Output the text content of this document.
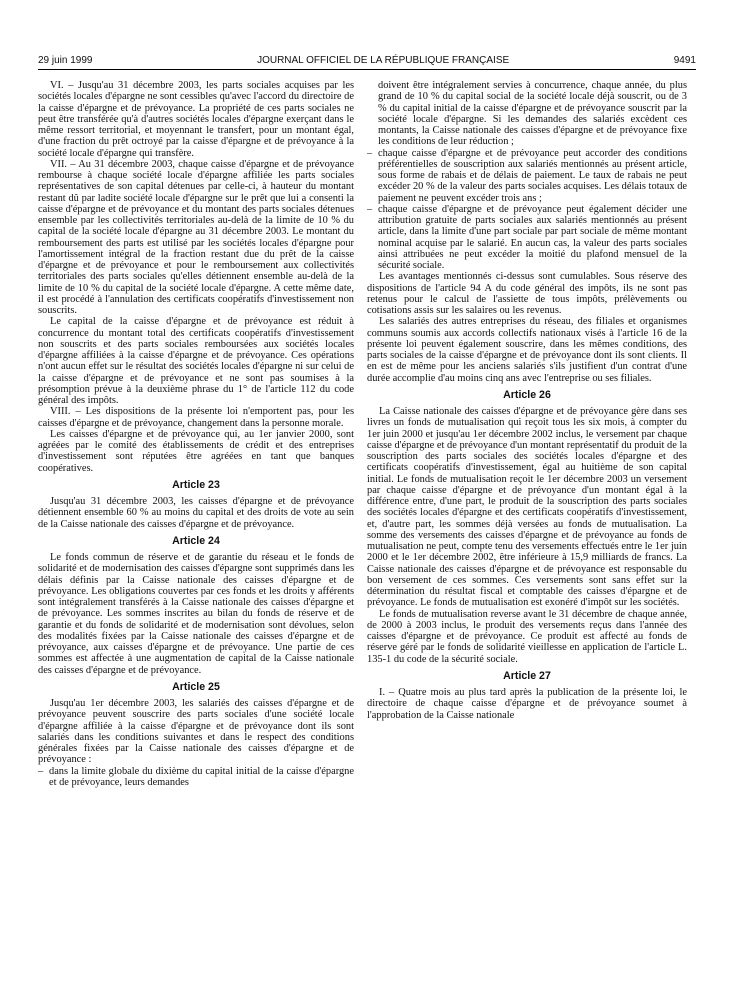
29 juin 1999	JOURNAL OFFICIEL DE LA RÉPUBLIQUE FRANÇAISE	9491

VI. – Jusqu'au 31 décembre 2003, les parts sociales acquises par les sociétés locales d'épargne ne sont cessibles qu'avec l'accord du directoire de la caisse d'épargne et de prévoyance. La propriété de ces parts sociales ne peut être transférée qu'à d'autres sociétés locales d'épargne exerçant dans le même ressort territorial, et moyennant le transfert, pour un montant égal, d'une fraction du prêt octroyé par la caisse d'épargne et de prévoyance à la société locale d'épargne qui transfère.

VII. – Au 31 décembre 2003, chaque caisse d'épargne et de prévoyance rembourse à chaque société locale d'épargne affiliée les parts sociales représentatives de son capital détenues par celle-ci, à hauteur du montant restant dû par ladite société locale d'épargne sur le prêt que lui a consenti la caisse d'épargne et de prévoyance et du montant des parts sociales détenues ensemble par les collectivités territoriales au-delà de la limite de 10 % du capital de la société locale d'épargne au 31 décembre 2003. Le montant du remboursement des parts est utilisé par les sociétés locales d'épargne pour l'amortissement intégral de la fraction restant due du prêt de la caisse d'épargne et de prévoyance et pour le remboursement aux collectivités territoriales des parts sociales qu'elles détiennent ensemble au-delà de la limite de 10 % du capital de la société locale d'épargne. A cette même date, il est procédé à l'annulation des certificats coopératifs d'investissement non souscrits.

Le capital de la caisse d'épargne et de prévoyance est réduit à concurrence du montant total des certificats coopératifs d'investissement non souscrits et des parts sociales remboursées aux sociétés locales d'épargne affiliées à la caisse d'épargne et de prévoyance. Ces opérations n'ont aucun effet sur le résultat des sociétés locales d'épargne ni sur celui de la caisse d'épargne et de prévoyance et ne sont pas soumises à la présomption prévue à la deuxième phrase du 1° de l'article 112 du code général des impôts.

VIII. – Les dispositions de la présente loi n'emportent pas, pour les caisses d'épargne et de prévoyance, changement dans la personne morale.

Les caisses d'épargne et de prévoyance qui, au 1er janvier 2000, sont agréées par le comité des établissements de crédit et des entreprises d'investissement sont réputées être agréées en tant que banques coopératives.

Article 23

Jusqu'au 31 décembre 2003, les caisses d'épargne et de prévoyance détiennent ensemble 60 % au moins du capital et des droits de vote au sein de la Caisse nationale des caisses d'épargne et de prévoyance.

Article 24

Le fonds commun de réserve et de garantie du réseau et le fonds de solidarité et de modernisation des caisses d'épargne sont supprimés dans les délais définis par la Caisse nationale des caisses d'épargne et de prévoyance. Les obligations couvertes par ces fonds et les droits y afférents sont intégralement transférés à la Caisse nationale des caisses d'épargne et de prévoyance. Les sommes inscrites au bilan du fonds de réserve et de garantie et du fonds de solidarité et de modernisation sont dévolues, selon des modalités fixées par la Caisse nationale des caisses d'épargne et de prévoyance, aux caisses d'épargne et de prévoyance. Une partie de ces sommes est affectée à une augmentation de capital de la Caisse nationale des caisses d'épargne et de prévoyance.

Article 25

Jusqu'au 1er décembre 2003, les salariés des caisses d'épargne et de prévoyance peuvent souscrire des parts sociales d'une société locale d'épargne affiliée à la caisse d'épargne et de prévoyance dont ils sont salariés dans les conditions suivantes et dans le respect des conditions générales fixées par la Caisse nationale des caisses d'épargne et de prévoyance :

– dans la limite globale du dixième du capital initial de la caisse d'épargne et de prévoyance, leurs demandes

doivent être intégralement servies à concurrence, chaque année, du plus grand de 10 % du capital social de la société locale déjà souscrit, ou de 3 % du capital initial de la caisse d'épargne et de prévoyance souscrit par la société locale d'épargne. Si les demandes des salariés excèdent ces montants, la Caisse nationale des caisses d'épargne et de prévoyance fixe les conditions de leur réduction ;

– chaque caisse d'épargne et de prévoyance peut accorder des conditions préférentielles de souscription aux salariés mentionnés au présent article, sous forme de rabais et de délais de paiement. Le taux de rabais ne peut excéder 20 % de la valeur des parts sociales acquises. Les délais totaux de paiement ne peuvent excéder trois ans ;
– chaque caisse d'épargne et de prévoyance peut également décider une attribution gratuite de parts sociales aux salariés mentionnés au présent article, dans la limite d'une part sociale par part sociale de même montant nominal acquise par le salarié. En aucun cas, la valeur des parts sociales ainsi attribuées ne peut excéder la moitié du plafond mensuel de la sécurité sociale.

Les avantages mentionnés ci-dessus sont cumulables. Sous réserve des dispositions de l'article 94 A du code général des impôts, ils ne sont pas retenus pour le calcul de l'assiette de tous impôts, prélèvements ou cotisations assis sur les salaires ou les revenus.

Les salariés des autres entreprises du réseau, des filiales et organismes communs soumis aux accords collectifs nationaux visés à l'article 16 de la présente loi peuvent également souscrire, dans les mêmes conditions, des parts sociales de la caisse d'épargne et de prévoyance dont ils sont clients. Il en est de même pour les anciens salariés s'ils justifient d'un contrat d'une durée accomplie d'au moins cinq ans avec l'entreprise ou ses filiales.

Article 26

La Caisse nationale des caisses d'épargne et de prévoyance gère dans ses livres un fonds de mutualisation qui reçoit tous les six mois, à compter du 1er juin 2000 et jusqu'au 1er décembre 2002 inclus, le versement par chaque caisse d'épargne et de prévoyance d'un montant représentatif du produit de la souscription des parts sociales des sociétés locales d'épargne et des certificats coopératifs d'investissement, égal au huitième de son capital initial. Le fonds de mutualisation reçoit le 1er décembre 2003 un versement par chaque caisse d'épargne et de prévoyance d'un montant égal à la différence entre, d'une part, le produit de la souscription des parts sociales des sociétés locales d'épargne et des certificats coopératifs d'investissement, et, d'autre part, les sommes déjà versées au fonds de mutualisation. La somme des versements des caisses d'épargne et de prévoyance au fonds de mutualisation ne peut, compte tenu des versements effectués entre le 1er juin 2000 et le 1er décembre 2002, être inférieure à 15,9 milliards de francs. La Caisse nationale des caisses d'épargne et de prévoyance est responsable du bon versement de ces sommes. Ces versements sont sans effet sur la détermination du résultat fiscal et comptable des caisses d'épargne et de prévoyance. Le fonds de mutualisation est exonéré d'impôt sur les sociétés.

Le fonds de mutualisation reverse avant le 31 décembre de chaque année, de 2000 à 2003 inclus, le produit des versements reçus dans l'année des caisses d'épargne et de prévoyance. Ce produit est affecté au fonds de réserve géré par le fonds de solidarité vieillesse en application de l'article L. 135-1 du code de la sécurité sociale.

Article 27

I. – Quatre mois au plus tard après la publication de la présente loi, le directoire de chaque caisse d'épargne et de prévoyance soumet à l'approbation de la Caisse nationale
